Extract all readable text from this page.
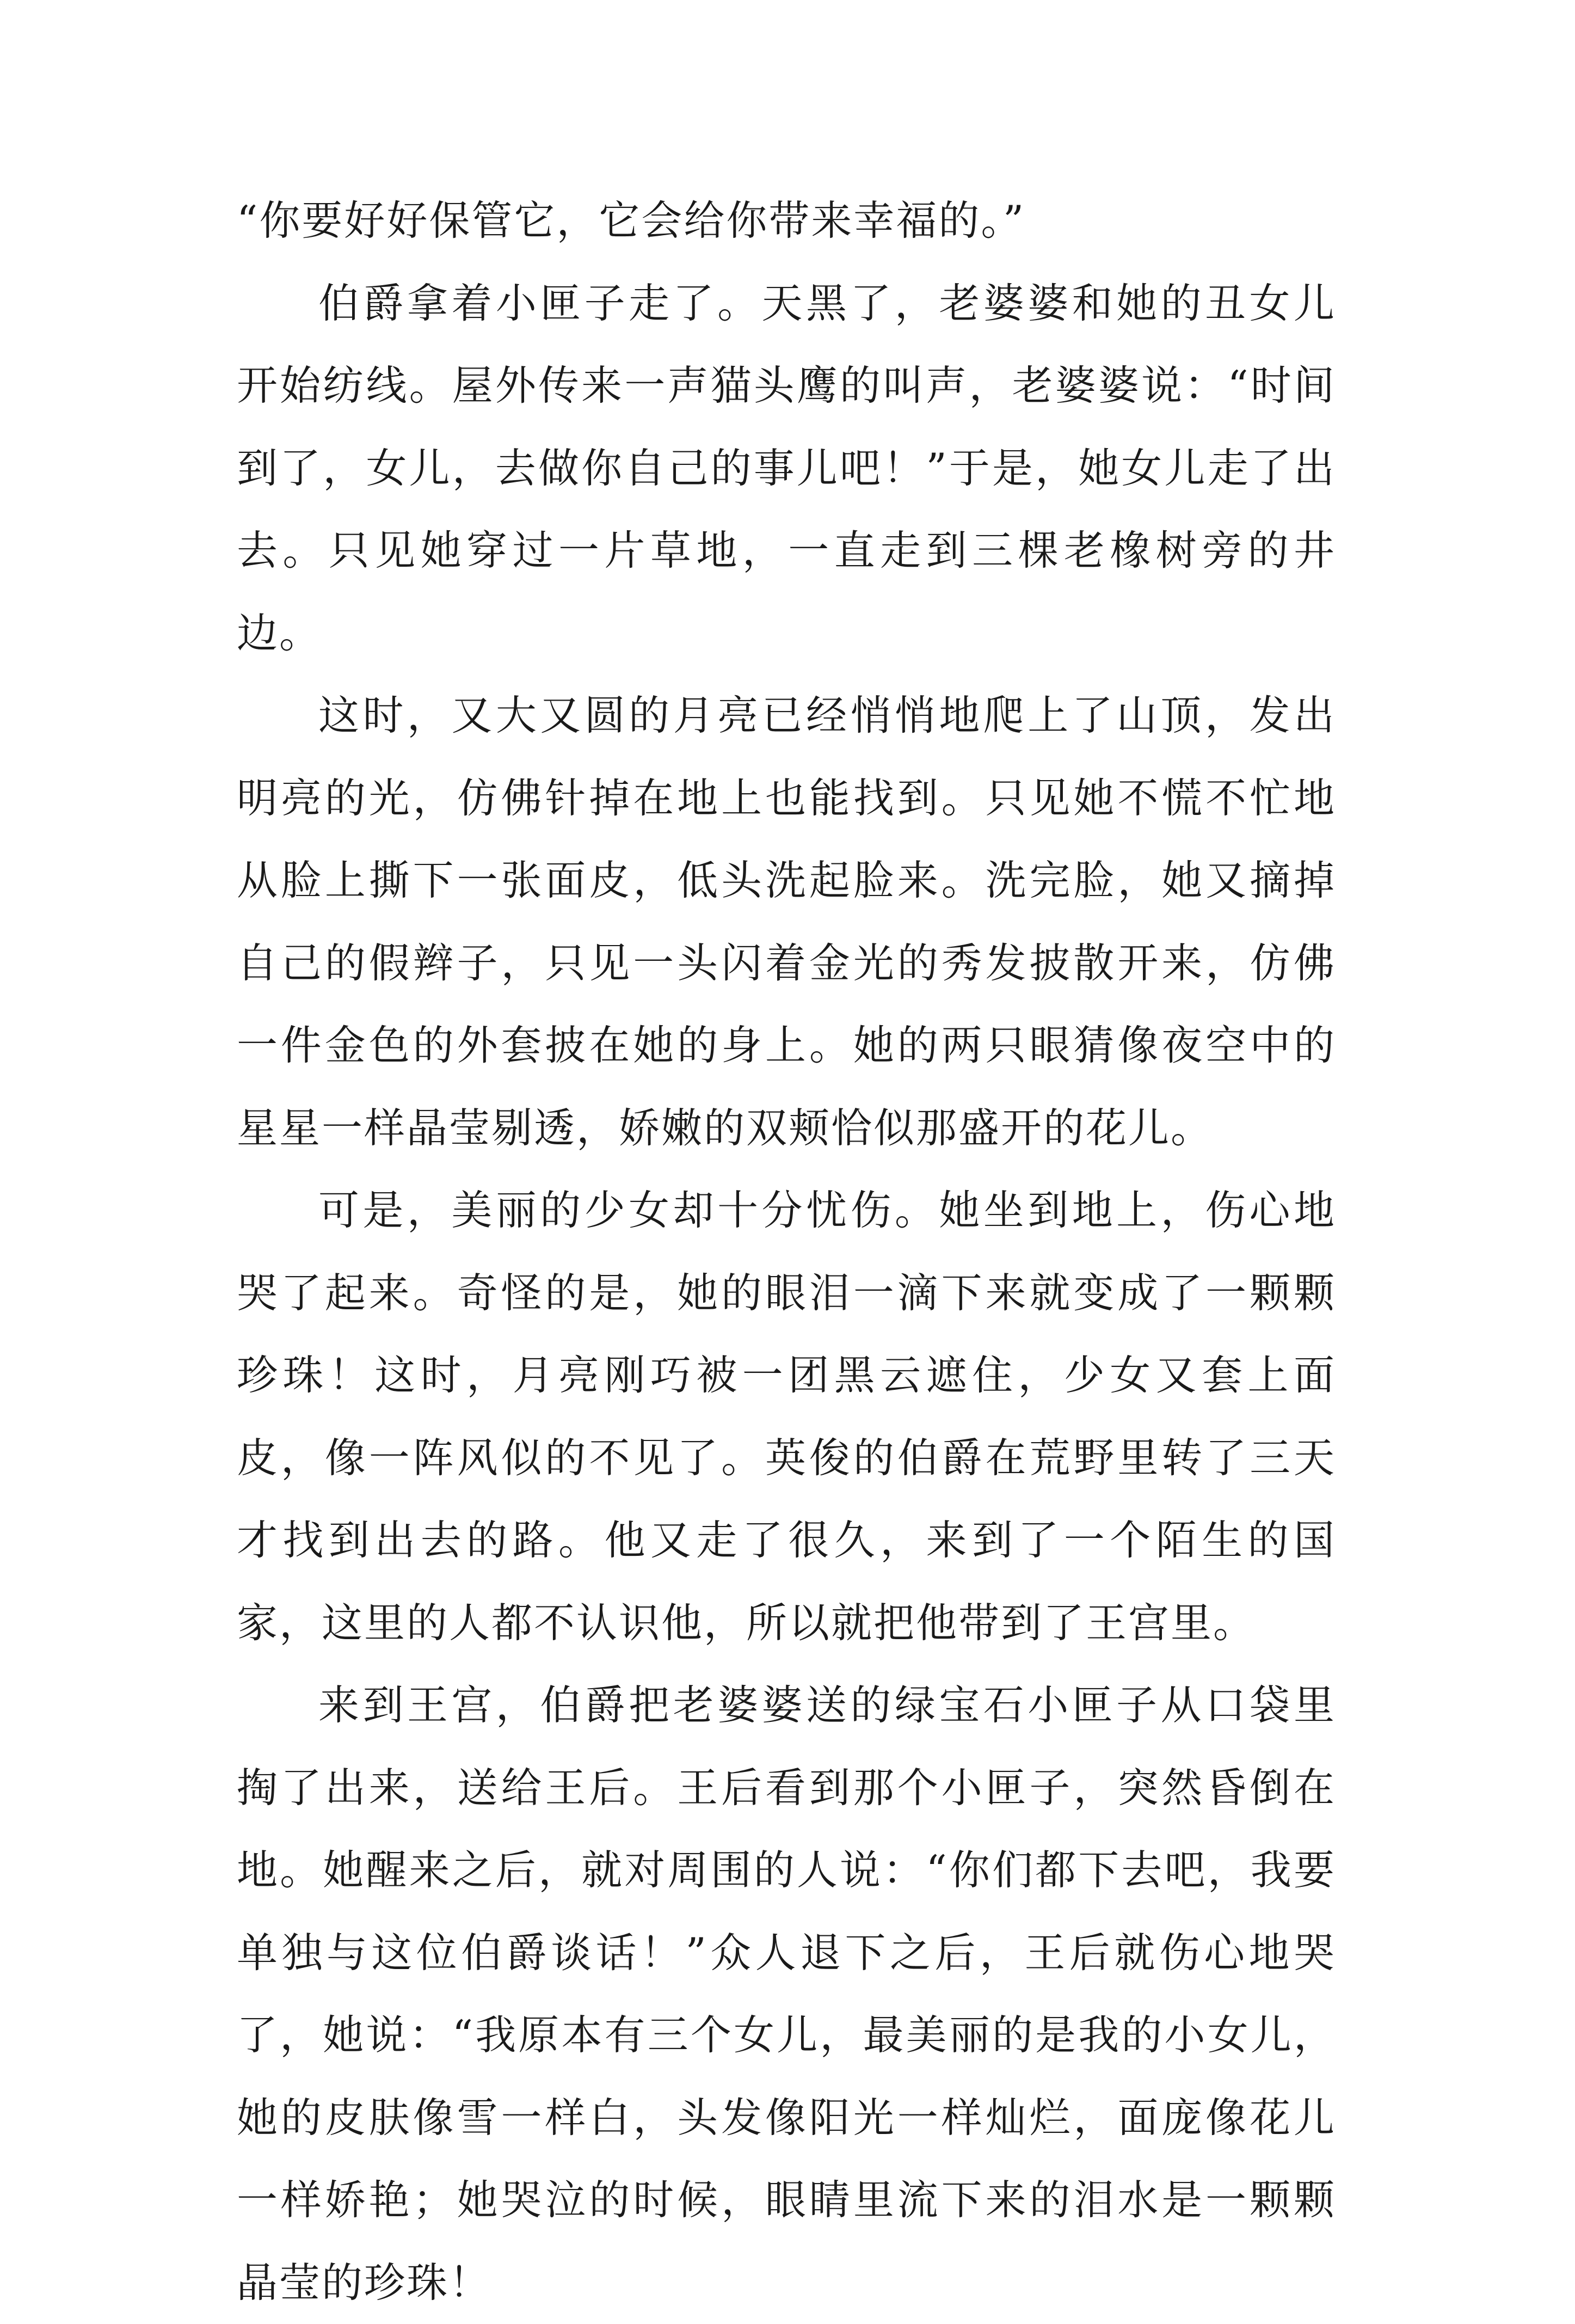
“你要好好保管它，它会给你带来幸福的。”

伯爵拿着小匣子走了。天黑了，老婆婆和她的丑女儿开始纺线。屋外传来一声猫头鹰的叫声，老婆婆说：“时间到了，女儿，去做你自己的事儿吧！”于是，她女儿走了出去。只见她穿过一片草地，一直走到三棵老橡树旁的井边。

这时，又大又圆的月亮已经悄悄地爬上了山顶，发出明亮的光，仿佛针掉在地上也能找到。只见她不慌不忙地从脸上撕下一张面皮，低头洗起脸来。洗完脸，她又摘掉自己的假辫子，只见一头闪着金光的秀发披散开来，仿佛一件金色的外套披在她的身上。她的两只眼猜像夜空中的星星一样晶莹剔透，娇嫩的双颊恰似那盛开的花儿。

可是，美丽的少女却十分忧伤。她坐到地上，伤心地哭了起来。奇怪的是，她的眼泪一滴下来就变成了一颗颗珍珠！这时，月亮刚巧被一团黑云遮住，少女又套上面皮，像一阵风似的不见了。英俊的伯爵在荒野里转了三天才找到出去的路。他又走了很久，来到了一个陌生的国家，这里的人都不认识他，所以就把他带到了王宫里。

来到王宫，伯爵把老婆婆送的绿宝石小匣子从口袋里掏了出来，送给王后。王后看到那个小匣子，突然昏倒在地。她醒来之后，就对周围的人说：“你们都下去吧，我要单独与这位伯爵谈话！”众人退下之后，王后就伤心地哭了，她说：“我原本有三个女儿，最美丽的是我的小女儿，她的皮肤像雪一样白，头发像阳光一样灿烂，面庞像花儿一样娇艳；她哭泣的时候，眼睛里流下来的泪水是一颗颗晶莹的珍珠！
